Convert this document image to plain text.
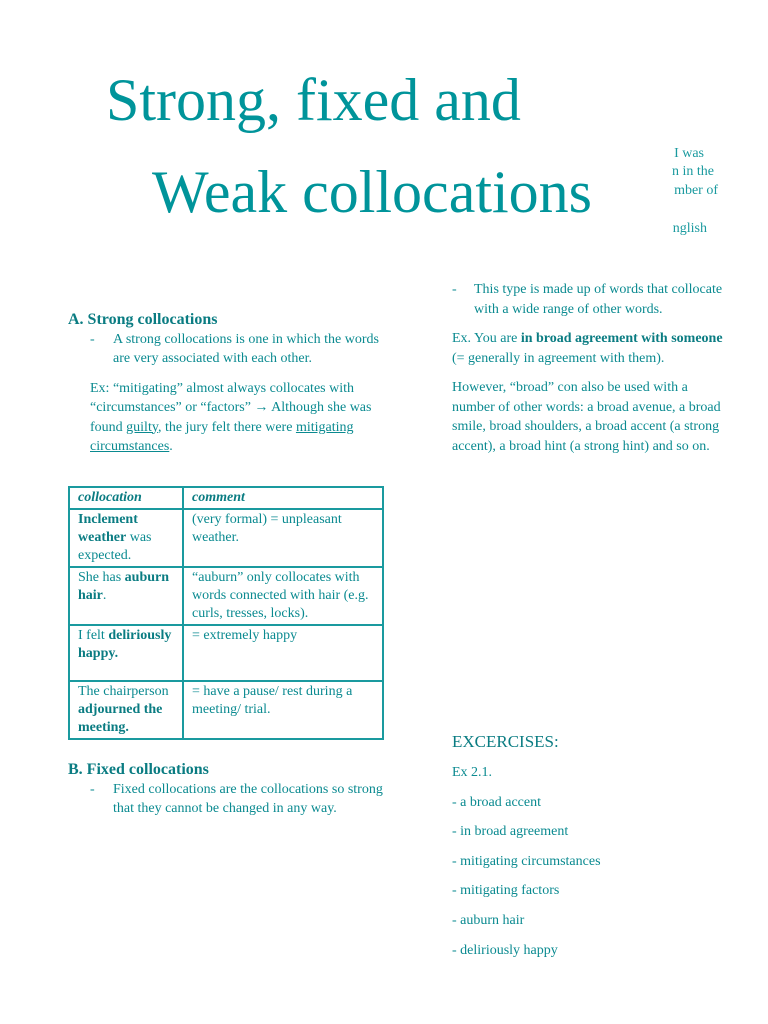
Strong, fixed and
Weak collocations
I was
n in the
mber of
nglish

A. Strong collocations

- A strong collocations is one in which the words are very associated with each other.

Ex: “mitigating” almost always collocates with “circumstances” or “factors” → Although she was found guilty, the jury felt there were mitigating circumstances.

collocation	comment
Inclement weather was expected.	(very formal) = unpleasant weather.
She has auburn hair.	“auburn” only collocates with words connected with hair (e.g. curls, tresses, locks).
I felt deliriously happy.	= extremely happy
The chairperson adjourned the meeting.	= have a pause/ rest during a meeting/ trial.

B. Fixed collocations

- Fixed collocations are the collocations so strong that they cannot be changed in any way.

- This type is made up of words that collocate with a wide range of other words.

Ex. You are in broad agreement with someone (= generally in agreement with them).

However, “broad” con also be used with a number of other words: a broad avenue, a broad smile, broad shoulders, a broad accent (a strong accent), a broad hint (a strong hint) and so on.

EXCERCISES:
Ex 2.1.
- a broad accent
- in broad agreement
- mitigating circumstances
- mitigating factors
- auburn hair
- deliriously happy
